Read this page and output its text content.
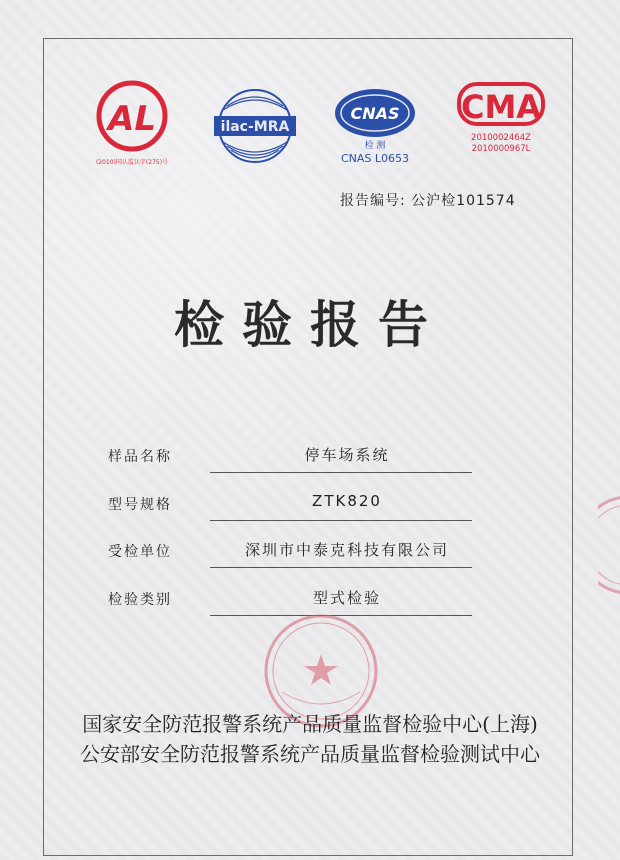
AL
(2010)国认监认字(275)号
ilac-MRA
CNAS
检 测
CNAS L0653
CMA
2010002464Z
2010000967L
报告编号: 公沪检101574
检验报告
样品名称	停车场系统
型号规格	ZTK820
受检单位	深圳市中泰克科技有限公司
检验类别	型式检验
国家安全防范报警系统产品质量监督检验中心(上海)
公安部安全防范报警系统产品质量监督检验测试中心
